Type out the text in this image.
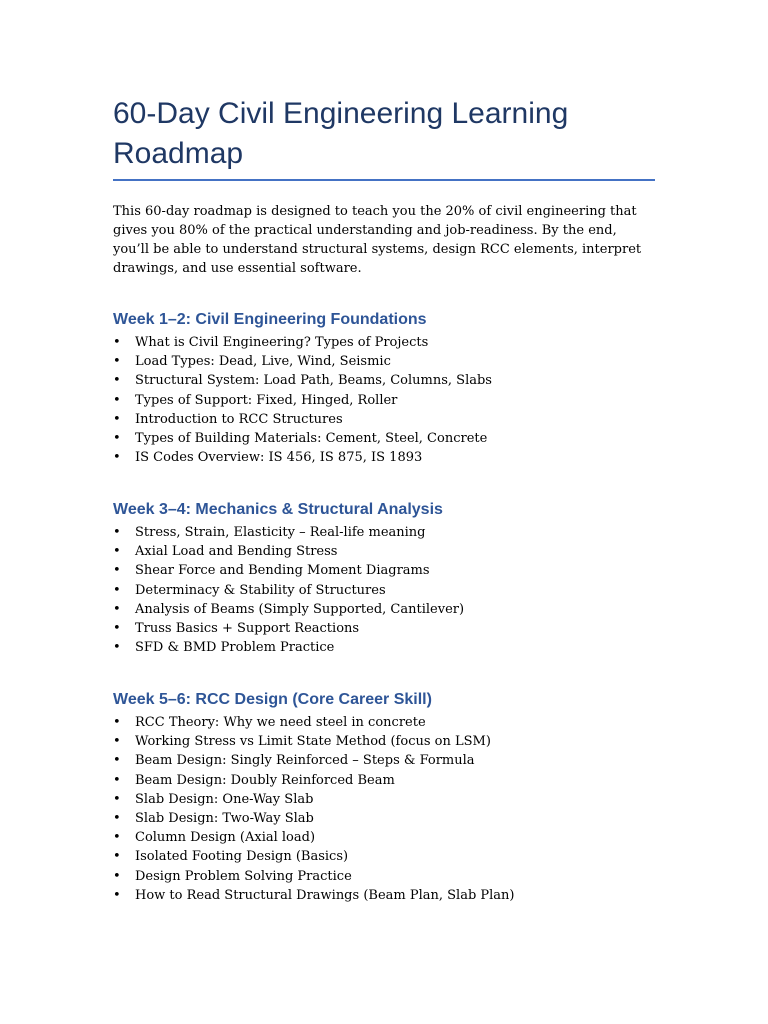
60-Day Civil Engineering Learning Roadmap

This 60-day roadmap is designed to teach you the 20% of civil engineering that gives you 80% of the practical understanding and job-readiness. By the end, you’ll be able to understand structural systems, design RCC elements, interpret drawings, and use essential software.

Week 1–2: Civil Engineering Foundations
• What is Civil Engineering? Types of Projects
• Load Types: Dead, Live, Wind, Seismic
• Structural System: Load Path, Beams, Columns, Slabs
• Types of Support: Fixed, Hinged, Roller
• Introduction to RCC Structures
• Types of Building Materials: Cement, Steel, Concrete
• IS Codes Overview: IS 456, IS 875, IS 1893
Week 3–4: Mechanics & Structural Analysis
• Stress, Strain, Elasticity – Real-life meaning
• Axial Load and Bending Stress
• Shear Force and Bending Moment Diagrams
• Determinacy & Stability of Structures
• Analysis of Beams (Simply Supported, Cantilever)
• Truss Basics + Support Reactions
• SFD & BMD Problem Practice
Week 5–6: RCC Design (Core Career Skill)
• RCC Theory: Why we need steel in concrete
• Working Stress vs Limit State Method (focus on LSM)
• Beam Design: Singly Reinforced – Steps & Formula
• Beam Design: Doubly Reinforced Beam
• Slab Design: One-Way Slab
• Slab Design: Two-Way Slab
• Column Design (Axial load)
• Isolated Footing Design (Basics)
• Design Problem Solving Practice
• How to Read Structural Drawings (Beam Plan, Slab Plan)
